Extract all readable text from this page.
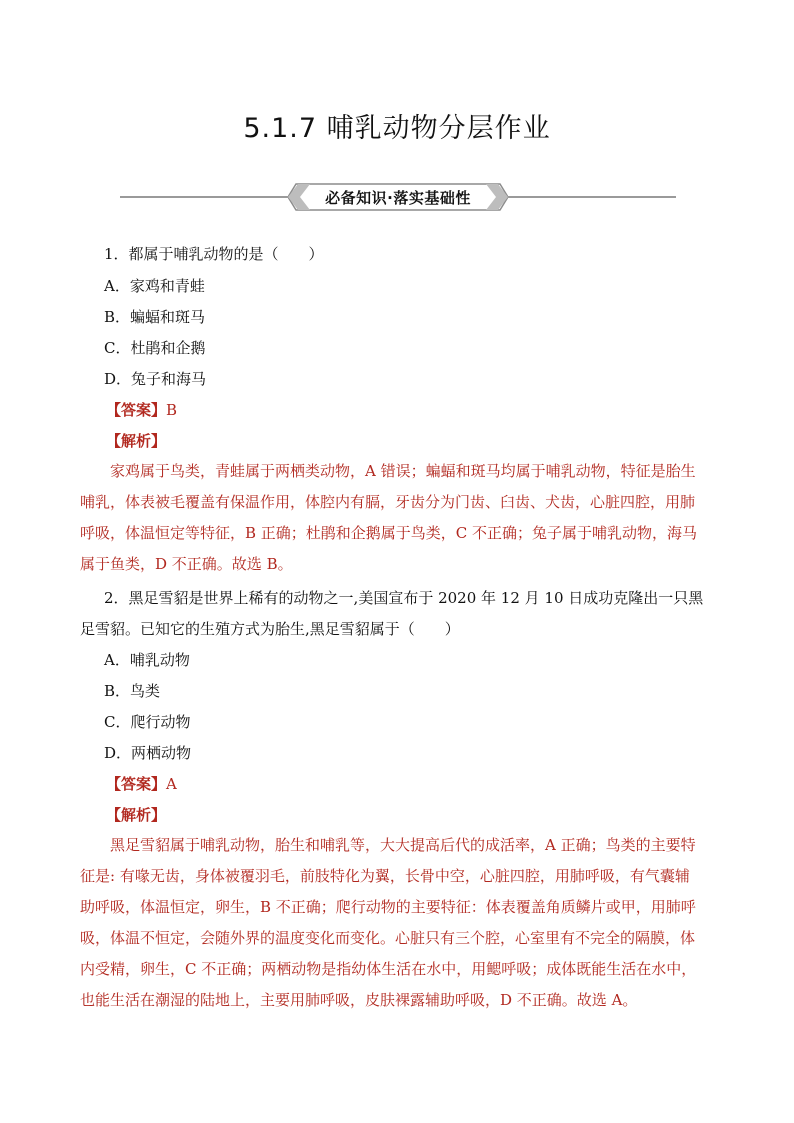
5.1.7 哺乳动物分层作业
必备知识·落实基础性
1．都属于哺乳动物的是（　　）
A．家鸡和青蛙
B．蝙蝠和斑马
C．杜鹃和企鹅
D．兔子和海马
【答案】B
【解析】
家鸡属于鸟类，青蛙属于两栖类动物，A 错误；蝙蝠和斑马均属于哺乳动物，特征是胎生
哺乳，体表被毛覆盖有保温作用，体腔内有膈，牙齿分为门齿、臼齿、犬齿，心脏四腔，用肺
呼吸，体温恒定等特征，B 正确；杜鹃和企鹅属于鸟类，C 不正确；兔子属于哺乳动物，海马
属于鱼类，D 不正确。故选 B。
2．黑足雪貂是世界上稀有的动物之一,美国宣布于 2020 年 12 月 10 日成功克隆出一只黑
足雪貂。已知它的生殖方式为胎生,黑足雪貂属于（　　）
A．哺乳动物
B．鸟类
C．爬行动物
D．两栖动物
【答案】A
【解析】
黑足雪貂属于哺乳动物，胎生和哺乳等，大大提高后代的成活率，A 正确；鸟类的主要特
征是: 有喙无齿，身体被覆羽毛，前肢特化为翼，长骨中空，心脏四腔，用肺呼吸，有气囊辅
助呼吸，体温恒定，卵生，B 不正确；爬行动物的主要特征：体表覆盖角质鳞片或甲，用肺呼
吸，体温不恒定，会随外界的温度变化而变化。心脏只有三个腔，心室里有不完全的隔膜，体
内受精，卵生，C 不正确；两栖动物是指幼体生活在水中，用鳃呼吸；成体既能生活在水中，
也能生活在潮湿的陆地上，主要用肺呼吸，皮肤裸露辅助呼吸，D 不正确。故选 A。
